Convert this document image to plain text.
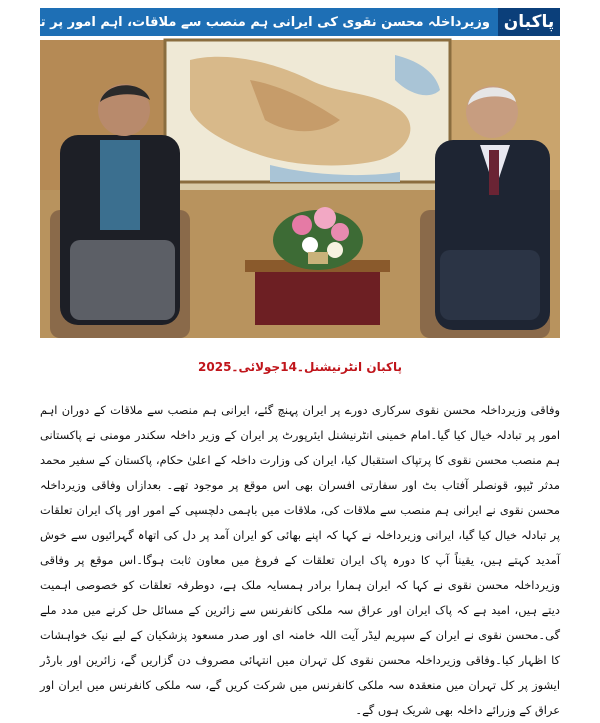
پاکبان
وزیرداخلہ محسن نقوی کی ایرانی ہم منصب سے ملاقات، اہم امور پر تبادلہ
پاکبان انٹرنیشنل۔14جولائی۔2025
وفاقی وزیرداخلہ محسن نقوی سرکاری دورے پر ایران پہنچ گئے، ایرانی ہم منصب سے ملاقات کے دوران اہم امور پر تبادلہ خیال کیا گیا۔امام خمینی انٹرنیشنل ایئرپورٹ پر ایران کے وزیر داخلہ سکندر مومنی نے پاکستانی ہم منصب محسن نقوی کا پرتپاک استقبال کیا، ایران کی وزارت داخلہ کے اعلیٰ حکام، پاکستان کے سفیر محمد مدثر ٹیپو، قونصلر آفتاب بٹ اور سفارتی افسران بھی اس موقع پر موجود تھے۔ بعدازاں وفاقی وزیرداخلہ محسن نقوی نے ایرانی ہم منصب سے ملاقات کی، ملاقات میں باہمی دلچسپی کے امور اور پاک ایران تعلقات پر تبادلہ خیال کیا گیا، ایرانی وزیرداخلہ نے کہا کہ اپنے بھائی کو ایران آمد پر دل کی اتھاہ گہرائیوں سے خوش آمدید کہتے ہیں، یقیناً آپ کا دورہ پاک ایران تعلقات کے فروغ میں معاون ثابت ہوگا۔اس موقع پر وفاقی وزیرداخلہ محسن نقوی نے کہا کہ ایران ہمارا برادر ہمسایہ ملک ہے، دوطرفہ تعلقات کو خصوصی اہمیت دیتے ہیں، امید ہے کہ پاک ایران اور عراق سہ ملکی کانفرنس سے زائرین کے مسائل حل کرنے میں مدد ملے گی۔محسن نقوی نے ایران کے سپریم لیڈر آیت اللہ خامنہ ای اور صدر مسعود پزشکیان کے لیے نیک خواہشات کا اظہار کیا۔وفاقی وزیرداخلہ محسن نقوی کل تہران میں انتہائی مصروف دن گزاریں گے، زائرین اور بارڈر ایشوز پر کل تہران میں منعقدہ سہ ملکی کانفرنس میں شرکت کریں گے، سہ ملکی کانفرنس میں ایران اور عراق کے وزرائے داخلہ بھی شریک ہوں گے۔
